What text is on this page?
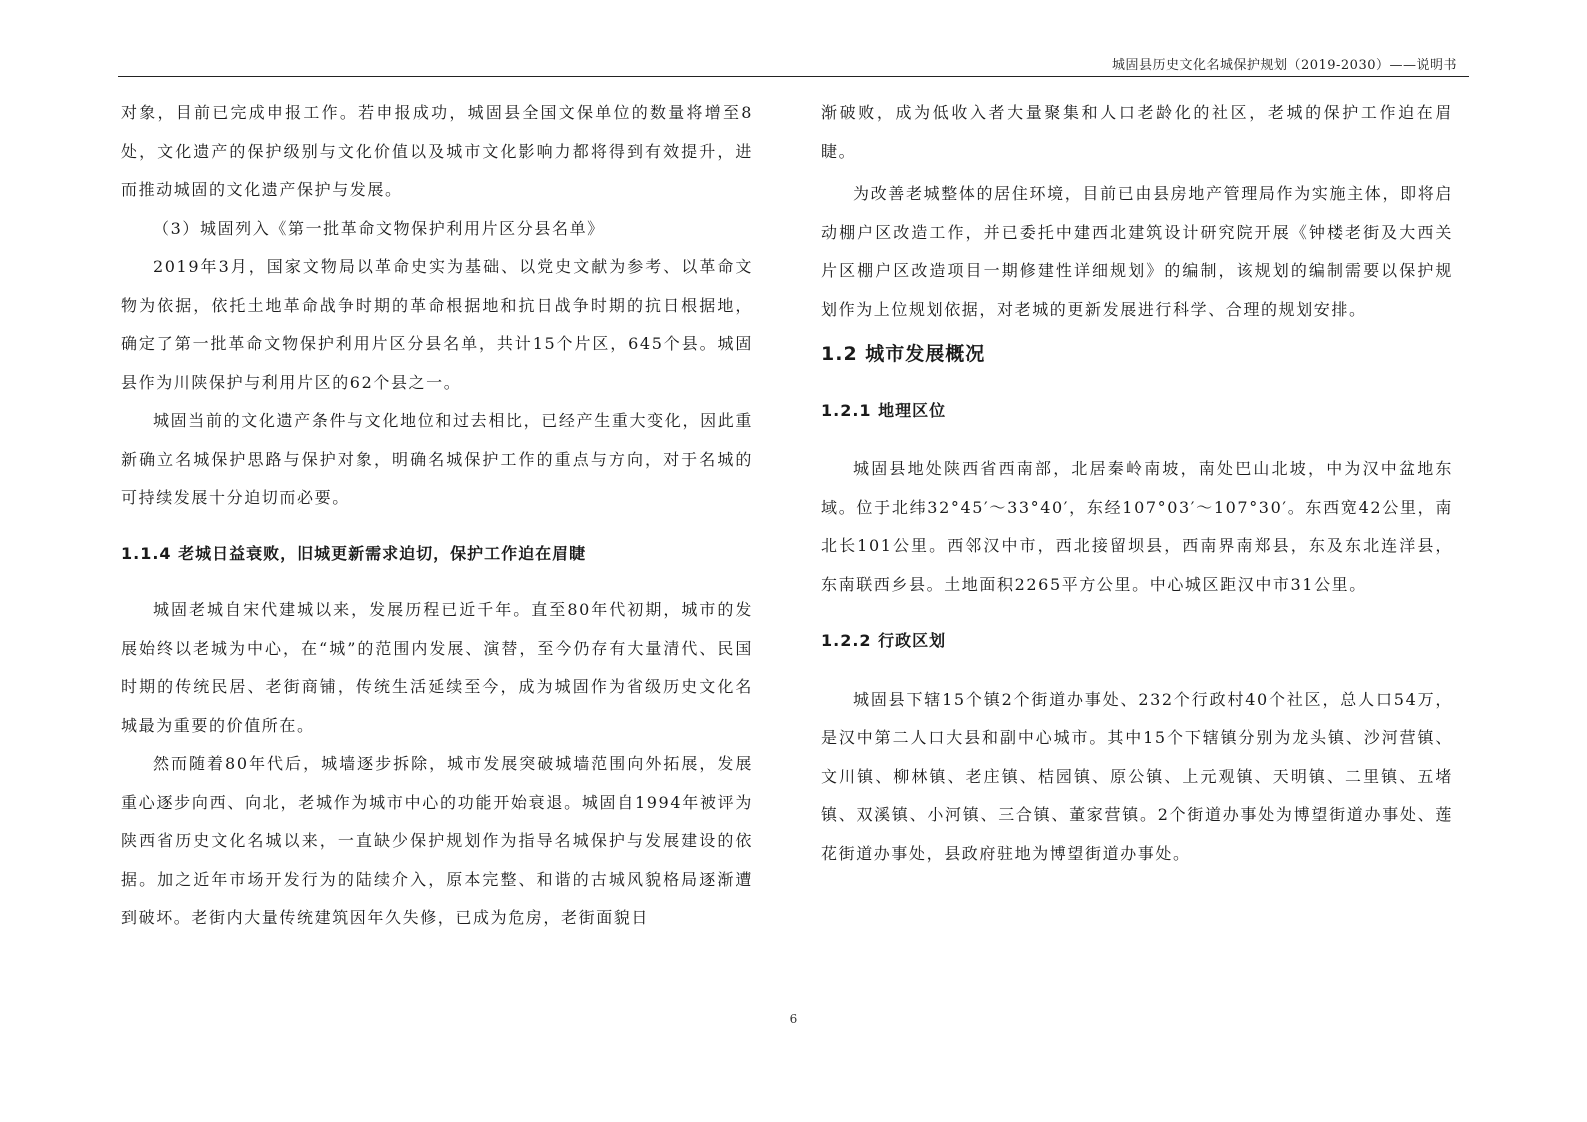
城固县历史文化名城保护规划（2019-2030）——说明书

对象，目前已完成申报工作。若申报成功，城固县全国文保单位的数量将增至8处，文化遗产的保护级别与文化价值以及城市文化影响力都将得到有效提升，进而推动城固的文化遗产保护与发展。

（3）城固列入《第一批革命文物保护利用片区分县名单》

2019年3月，国家文物局以革命史实为基础、以党史文献为参考、以革命文物为依据，依托土地革命战争时期的革命根据地和抗日战争时期的抗日根据地，确定了第一批革命文物保护利用片区分县名单，共计15个片区，645个县。城固县作为川陕保护与利用片区的62个县之一。

城固当前的文化遗产条件与文化地位和过去相比，已经产生重大变化，因此重新确立名城保护思路与保护对象，明确名城保护工作的重点与方向，对于名城的可持续发展十分迫切而必要。

1.1.4 老城日益衰败，旧城更新需求迫切，保护工作迫在眉睫

城固老城自宋代建城以来，发展历程已近千年。直至80年代初期，城市的发展始终以老城为中心，在“城”的范围内发展、演替，至今仍存有大量清代、民国时期的传统民居、老街商铺，传统生活延续至今，成为城固作为省级历史文化名城最为重要的价值所在。

然而随着80年代后，城墙逐步拆除，城市发展突破城墙范围向外拓展，发展重心逐步向西、向北，老城作为城市中心的功能开始衰退。城固自1994年被评为陕西省历史文化名城以来，一直缺少保护规划作为指导名城保护与发展建设的依据。加之近年市场开发行为的陆续介入，原本完整、和谐的古城风貌格局逐渐遭到破坏。老街内大量传统建筑因年久失修，已成为危房，老街面貌日

渐破败，成为低收入者大量聚集和人口老龄化的社区，老城的保护工作迫在眉睫。

为改善老城整体的居住环境，目前已由县房地产管理局作为实施主体，即将启动棚户区改造工作，并已委托中建西北建筑设计研究院开展《钟楼老街及大西关片区棚户区改造项目一期修建性详细规划》的编制，该规划的编制需要以保护规划作为上位规划依据，对老城的更新发展进行科学、合理的规划安排。

1.2 城市发展概况

1.2.1 地理区位

城固县地处陕西省西南部，北居秦岭南坡，南处巴山北坡，中为汉中盆地东域。位于北纬32°45′～33°40′，东经107°03′～107°30′。东西宽42公里，南北长101公里。西邻汉中市，西北接留坝县，西南界南郑县，东及东北连洋县，东南联西乡县。土地面积2265平方公里。中心城区距汉中市31公里。

1.2.2 行政区划

城固县下辖15个镇2个街道办事处、232个行政村40个社区，总人口54万，是汉中第二人口大县和副中心城市。其中15个下辖镇分别为龙头镇、沙河营镇、文川镇、柳林镇、老庄镇、桔园镇、原公镇、上元观镇、天明镇、二里镇、五堵镇、双溪镇、小河镇、三合镇、董家营镇。2个街道办事处为博望街道办事处、莲花街道办事处，县政府驻地为博望街道办事处。

6
